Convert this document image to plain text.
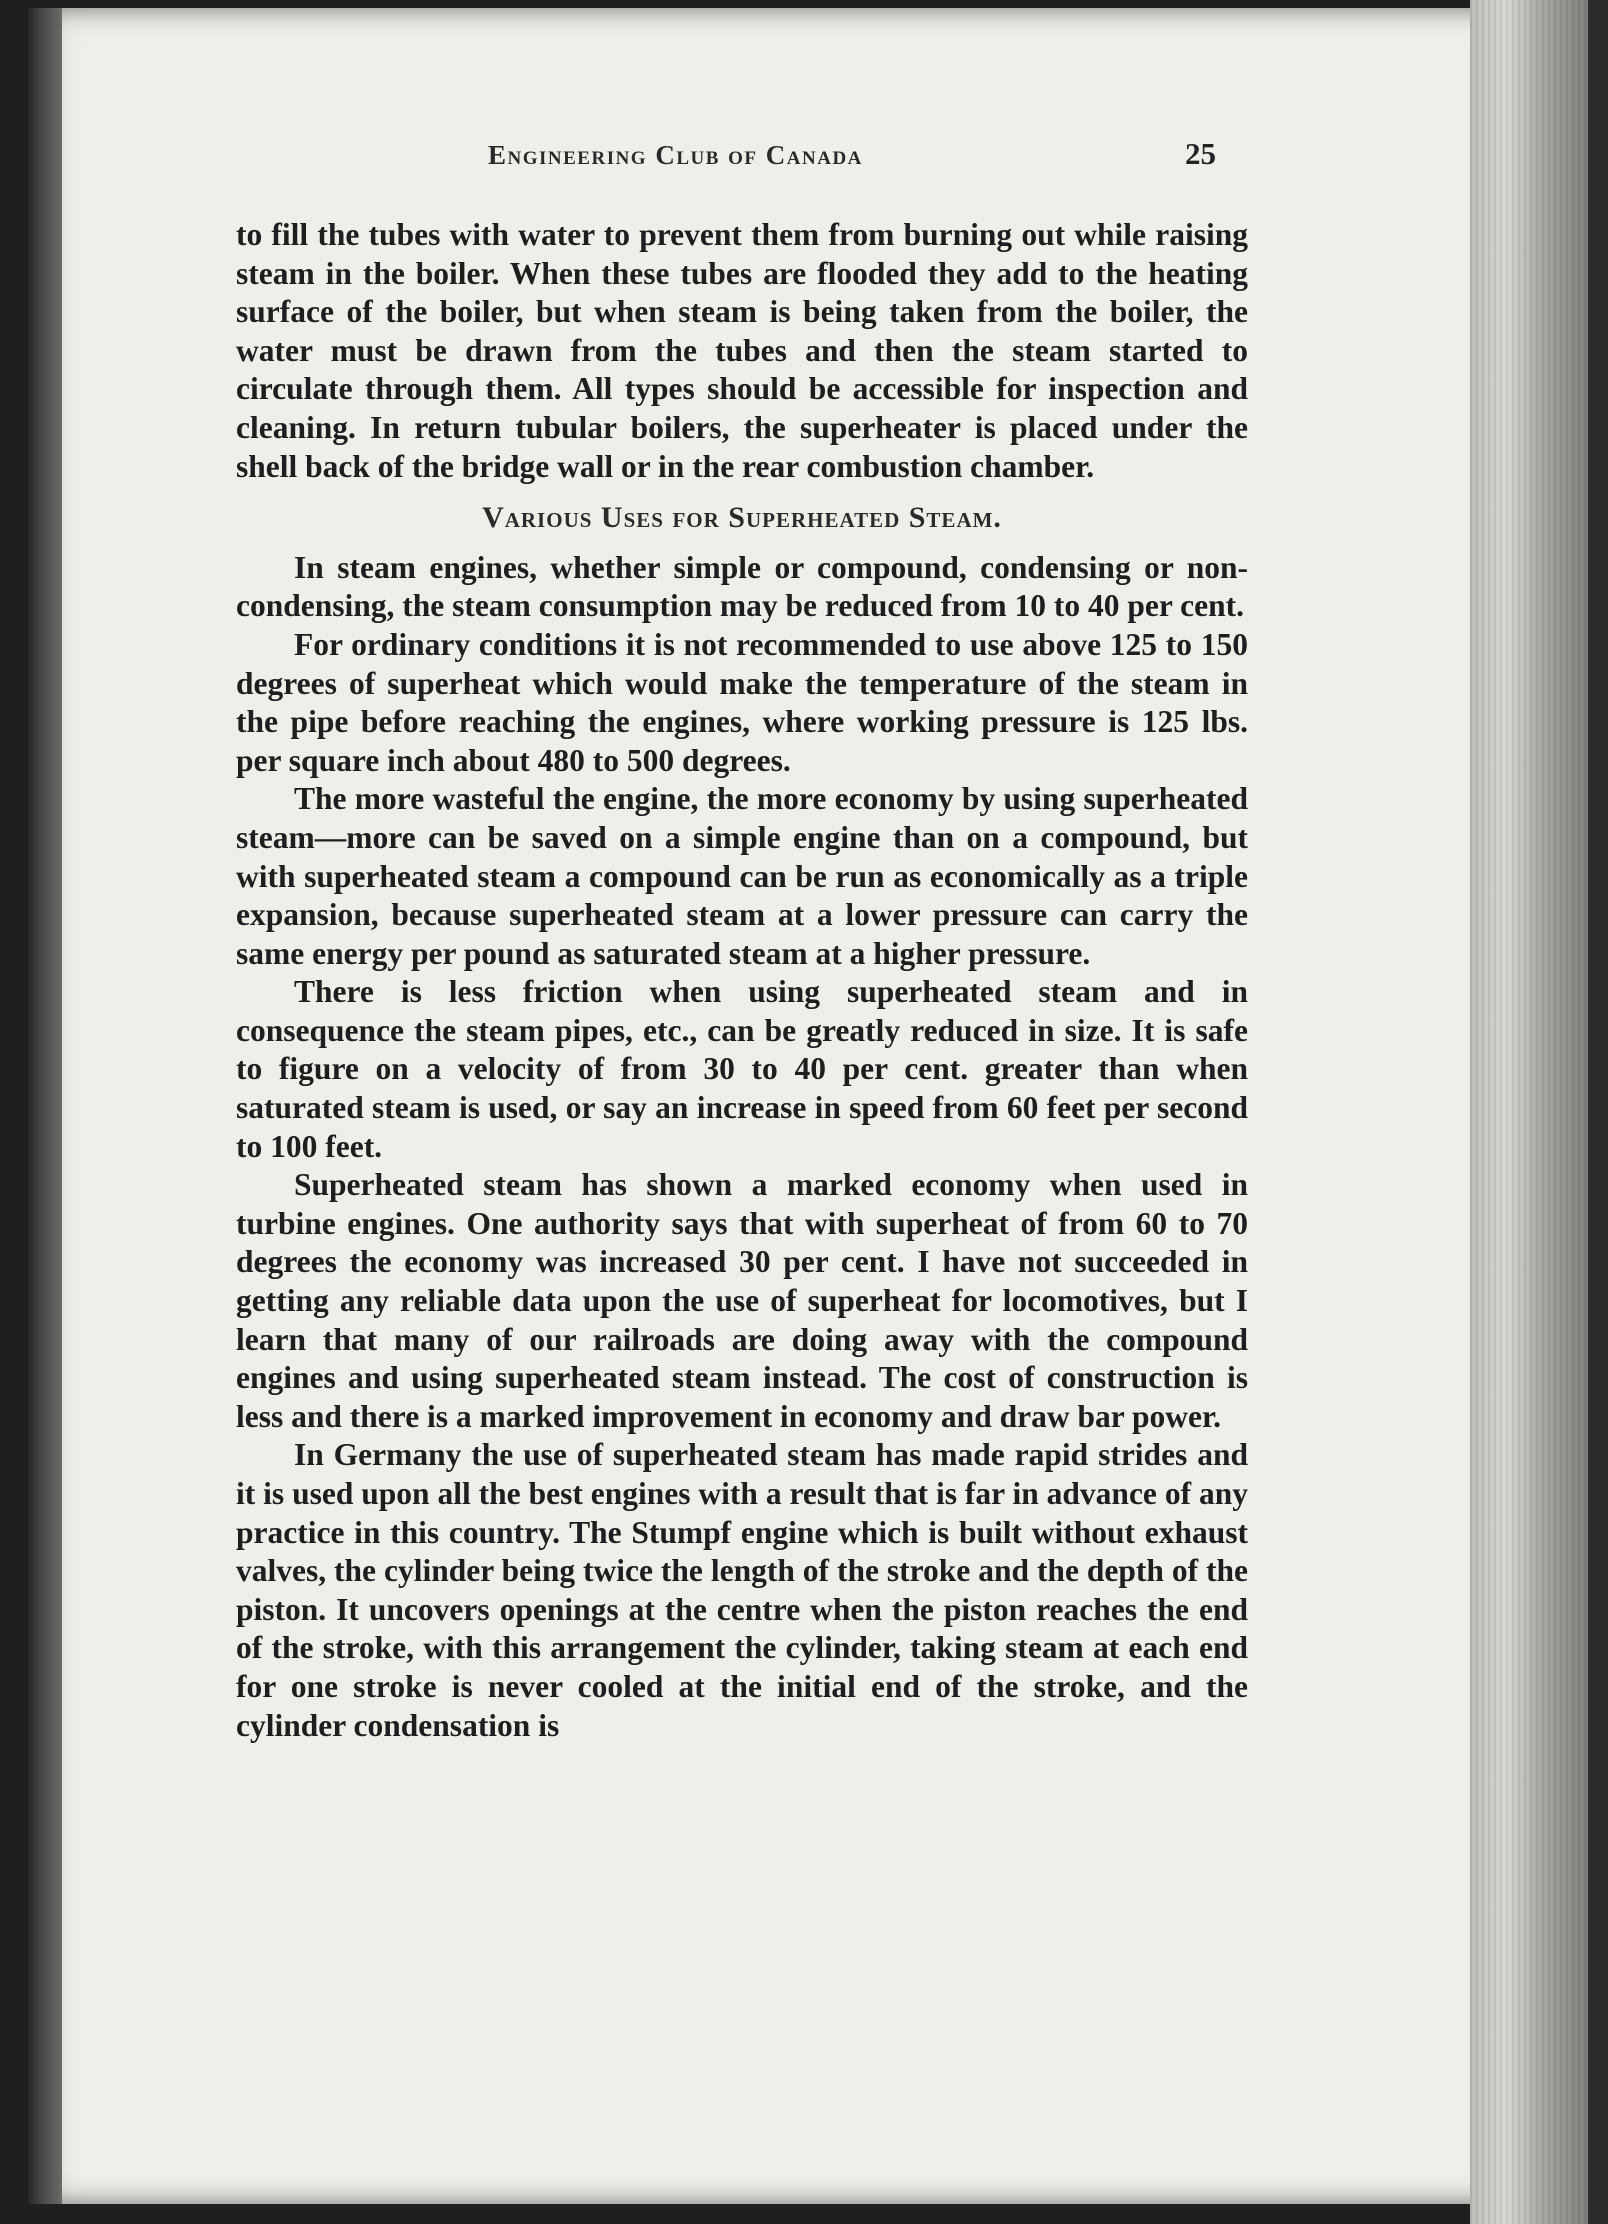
Engineering Club of Canada	25

to fill the tubes with water to prevent them from burning out while raising steam in the boiler. When these tubes are flooded they add to the heating surface of the boiler, but when steam is being taken from the boiler, the water must be drawn from the tubes and then the steam started to circulate through them. All types should be accessible for inspection and cleaning. In return tubular boilers, the superheater is placed under the shell back of the bridge wall or in the rear combustion chamber.

Various Uses for Superheated Steam.

In steam engines, whether simple or compound, condensing or non-condensing, the steam consumption may be reduced from 10 to 40 per cent.

For ordinary conditions it is not recommended to use above 125 to 150 degrees of superheat which would make the temperature of the steam in the pipe before reaching the engines, where working pressure is 125 lbs. per square inch about 480 to 500 degrees.

The more wasteful the engine, the more economy by using superheated steam—more can be saved on a simple engine than on a compound, but with superheated steam a compound can be run as economically as a triple expansion, because superheated steam at a lower pressure can carry the same energy per pound as saturated steam at a higher pressure.

There is less friction when using superheated steam and in consequence the steam pipes, etc., can be greatly reduced in size. It is safe to figure on a velocity of from 30 to 40 per cent. greater than when saturated steam is used, or say an increase in speed from 60 feet per second to 100 feet.

Superheated steam has shown a marked economy when used in turbine engines. One authority says that with superheat of from 60 to 70 degrees the economy was increased 30 per cent. I have not succeeded in getting any reliable data upon the use of superheat for locomotives, but I learn that many of our railroads are doing away with the compound engines and using superheated steam instead. The cost of construction is less and there is a marked improvement in economy and draw bar power.

In Germany the use of superheated steam has made rapid strides and it is used upon all the best engines with a result that is far in advance of any practice in this country. The Stumpf engine which is built without exhaust valves, the cylinder being twice the length of the stroke and the depth of the piston. It uncovers openings at the centre when the piston reaches the end of the stroke, with this arrangement the cylinder, taking steam at each end for one stroke is never cooled at the initial end of the stroke, and the cylinder condensation is
